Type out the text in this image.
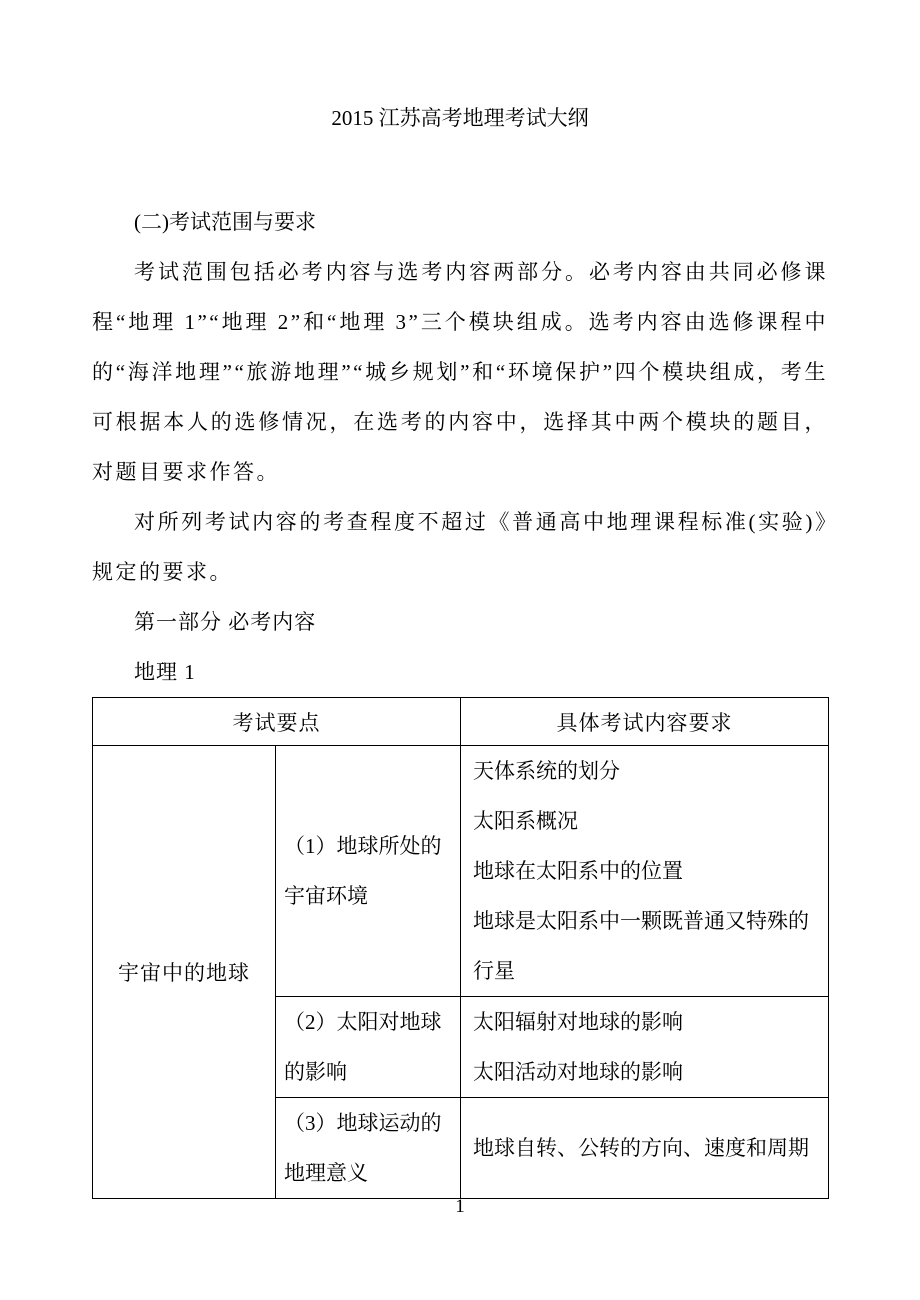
2015 江苏高考地理考试大纲
(二)考试范围与要求
考试范围包括必考内容与选考内容两部分。必考内容由共同必修课程“地理 1”“地理 2”和“地理 3”三个模块组成。选考内容由选修课程中的“海洋地理”“旅游地理”“城乡规划”和“环境保护”四个模块组成，考生可根据本人的选修情况，在选考的内容中，选择其中两个模块的题目，对题目要求作答。
对所列考试内容的考查程度不超过《普通高中地理课程标准(实验)》规定的要求。
第一部分 必考内容
地理 1
考试要点		具体考试内容要求
宇宙中的地球	（1）地球所处的宇宙环境	天体系统的划分
太阳系概况
地球在太阳系中的位置
地球是太阳系中一颗既普通又特殊的行星

	（2）太阳对地球的影响	太阳辐射对地球的影响
太阳活动对地球的影响

	（3）地球运动的地理意义	地球自转、公转的方向、速度和周期
1
